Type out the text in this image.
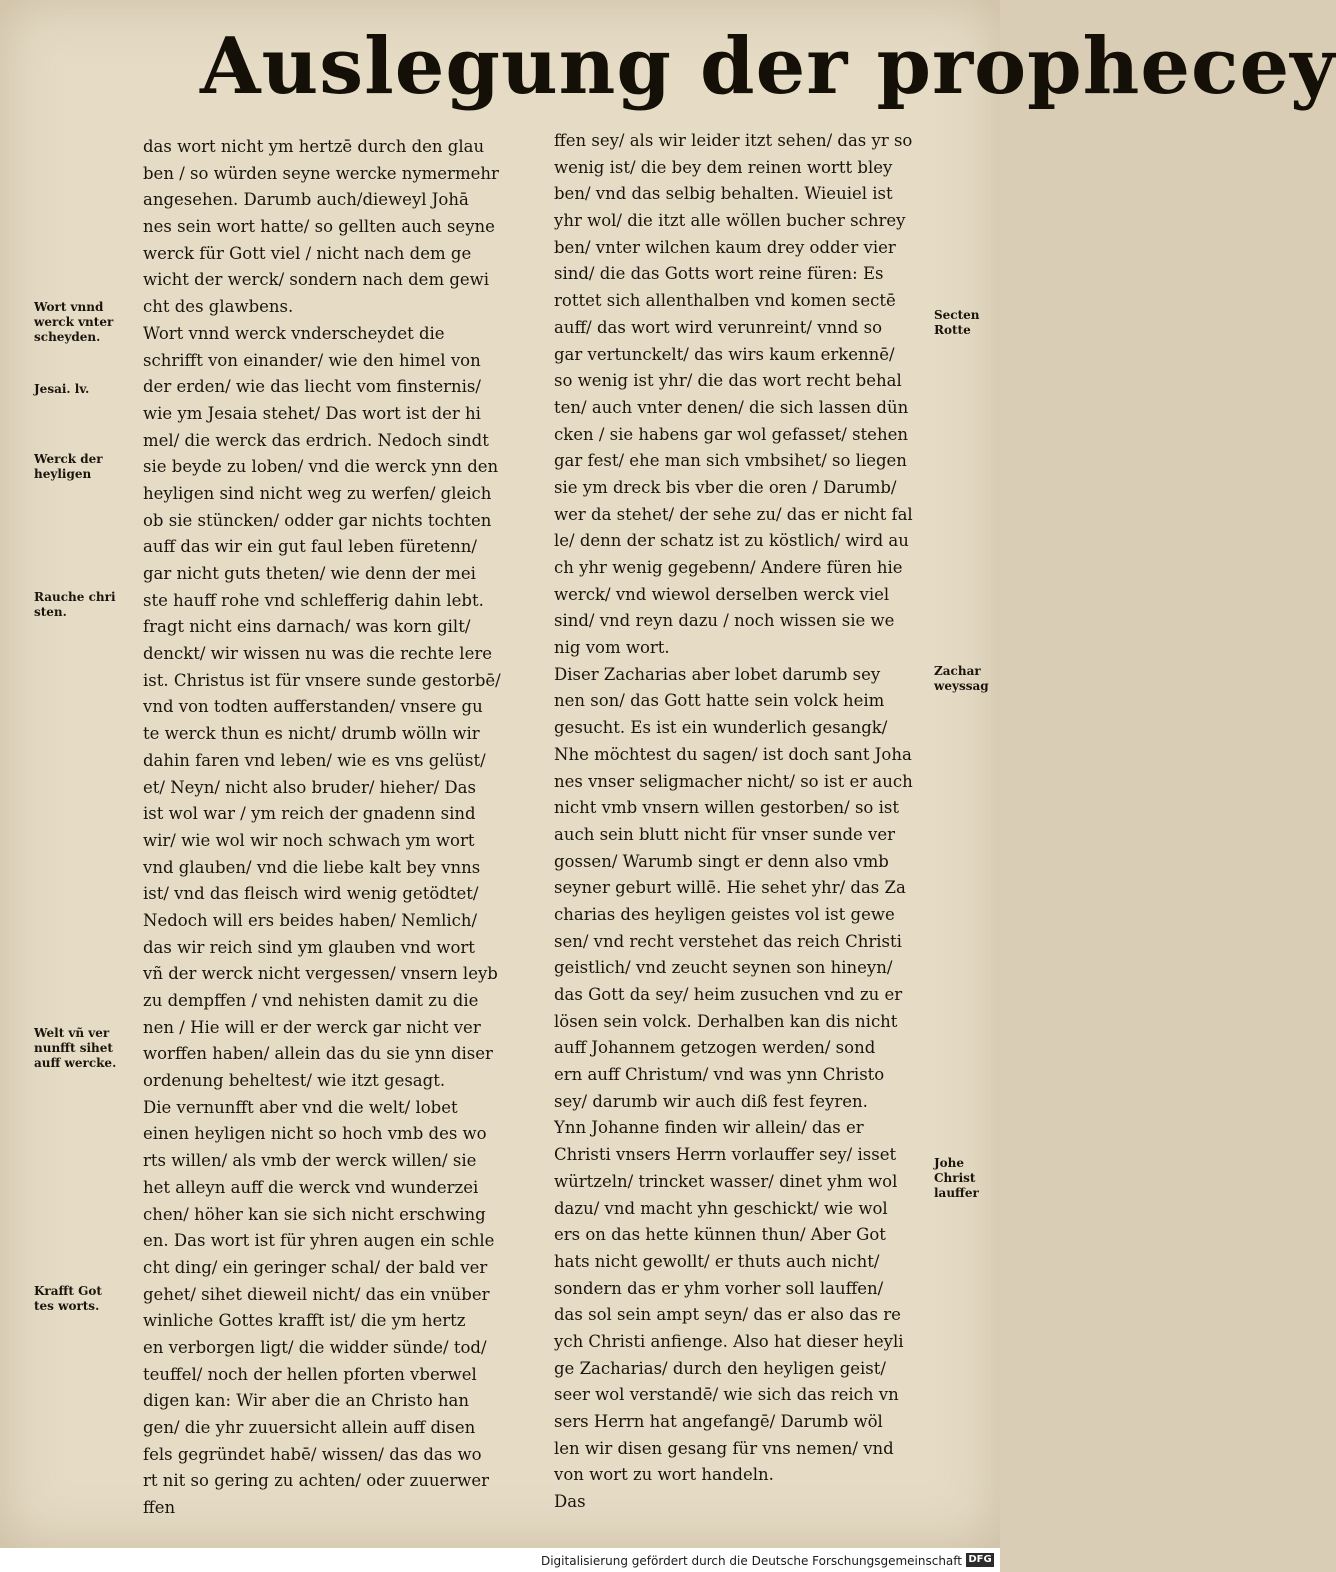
Auslegung der prophecey
das wort nicht ym hertzē durch den glau
ben / so würden seyne wercke nymermehr
angesehen. Darumb auch/dieweyl Johā
nes sein wort hatte/ so gellten auch seyne
werck für Gott viel / nicht nach dem ge
wicht der werck/ sondern nach dem gewi
cht des glawbens.
Wort vnnd werck vnderscheydet die
schrifft von einander/ wie den himel von
der erden/ wie das liecht vom finsternis/
wie ym Jesaia stehet/ Das wort ist der hi
mel/ die werck das erdrich. Nedoch sindt
sie beyde zu loben/ vnd die werck ynn den
heyligen sind nicht weg zu werfen/ gleich
ob sie stüncken/ odder gar nichts tochten
auff das wir ein gut faul leben füretenn/
gar nicht guts theten/ wie denn der mei
ste hauff rohe vnd schlefferig dahin lebt.
fragt nicht eins darnach/ was korn gilt/
denckt/ wir wissen nu was die rechte lere
ist. Christus ist für vnsere sunde gestorbē/
vnd von todten aufferstanden/ vnsere gu
te werck thun es nicht/ drumb wölln wir
dahin faren vnd leben/ wie es vns gelüst/
et/ Neyn/ nicht also bruder/ hieher/ Das
ist wol war / ym reich der gnadenn sind
wir/ wie wol wir noch schwach ym wort
vnd glauben/ vnd die liebe kalt bey vnns
ist/ vnd das fleisch wird wenig getödtet/
Nedoch will ers beides haben/ Nemlich/
das wir reich sind ym glauben vnd wort
vñ der werck nicht vergessen/ vnsern leyb
zu dempffen / vnd nehisten damit zu die
nen / Hie will er der werck gar nicht ver
worffen haben/ allein das du sie ynn diser
ordenung beheltest/ wie itzt gesagt.
Die vernunfft aber vnd die welt/ lobet
einen heyligen nicht so hoch vmb des wo
rts willen/ als vmb der werck willen/ sie
het alleyn auff die werck vnd wunderzei
chen/ höher kan sie sich nicht erschwing
en. Das wort ist für yhren augen ein schle
cht ding/ ein geringer schal/ der bald ver
gehet/ sihet dieweil nicht/ das ein vnüber
winliche Gottes krafft ist/ die ym hertz
en verborgen ligt/ die widder sünde/ tod/
teuffel/ noch der hellen pforten vberwel
digen kan: Wir aber die an Christo han
gen/ die yhr zuuersicht allein auff disen
fels gegründet habē/ wissen/ das das wo
rt nit so gering zu achten/ oder zuuerwer
ffen
ffen sey/ als wir leider itzt sehen/ das yr so
wenig ist/ die bey dem reinen wortt bley
ben/ vnd das selbig behalten. Wieuiel ist
yhr wol/ die itzt alle wöllen bucher schrey
ben/ vnter wilchen kaum drey odder vier
sind/ die das Gotts wort reine füren: Es
rottet sich allenthalben vnd komen sectē
auff/ das wort wird verunreint/ vnnd so
gar vertunckelt/ das wirs kaum erkennē/
so wenig ist yhr/ die das wort recht behal
ten/ auch vnter denen/ die sich lassen dün
cken / sie habens gar wol gefasset/ stehen
gar fest/ ehe man sich vmbsihet/ so liegen
sie ym dreck bis vber die oren / Darumb/
wer da stehet/ der sehe zu/ das er nicht fal
le/ denn der schatz ist zu köstlich/ wird au
ch yhr wenig gegebenn/ Andere füren hie
werck/ vnd wiewol derselben werck viel
sind/ vnd reyn dazu / noch wissen sie we
nig vom wort.
Diser Zacharias aber lobet darumb sey
nen son/ das Gott hatte sein volck heim
gesucht. Es ist ein wunderlich gesangk/
Nhe möchtest du sagen/ ist doch sant Joha
nes vnser seligmacher nicht/ so ist er auch
nicht vmb vnsern willen gestorben/ so ist
auch sein blutt nicht für vnser sunde ver
gossen/ Warumb singt er denn also vmb
seyner geburt willē. Hie sehet yhr/ das Za
charias des heyligen geistes vol ist gewe
sen/ vnd recht verstehet das reich Christi
geistlich/ vnd zeucht seynen son hineyn/
das Gott da sey/ heim zusuchen vnd zu er
lösen sein volck. Derhalben kan dis nicht
auff Johannem getzogen werden/ sond
ern auff Christum/ vnd was ynn Christo
sey/ darumb wir auch diß fest feyren.
Ynn Johanne finden wir allein/ das er
Christi vnsers Herrn vorlauffer sey/ isset
würtzeln/ trincket wasser/ dinet yhm wol
dazu/ vnd macht yhn geschickt/ wie wol
ers on das hette künnen thun/ Aber Got
hats nicht gewollt/ er thuts auch nicht/
sondern das er yhm vorher soll lauffen/
das sol sein ampt seyn/ das er also das re
ych Christi anfienge. Also hat dieser heyli
ge Zacharias/ durch den heyligen geist/
seer wol verstandē/ wie sich das reich vn
sers Herrn hat angefangē/ Darumb wöl
len wir disen gesang für vns nemen/ vnd
von wort zu wort handeln.
Das
Wort vnnd
werck vnter
scheyden.
Jesai. lv.
Werck der
heyligen
Rauche chri
sten.
Welt vñ ver
nunfft sihet
auff wercke.
Krafft Got
tes worts.
Secten
Rotte
Zachar
weyssag
Johe
Christ
lauffer
Digitalisierung gefördert durch die Deutsche Forschungsgemeinschaft DFG
